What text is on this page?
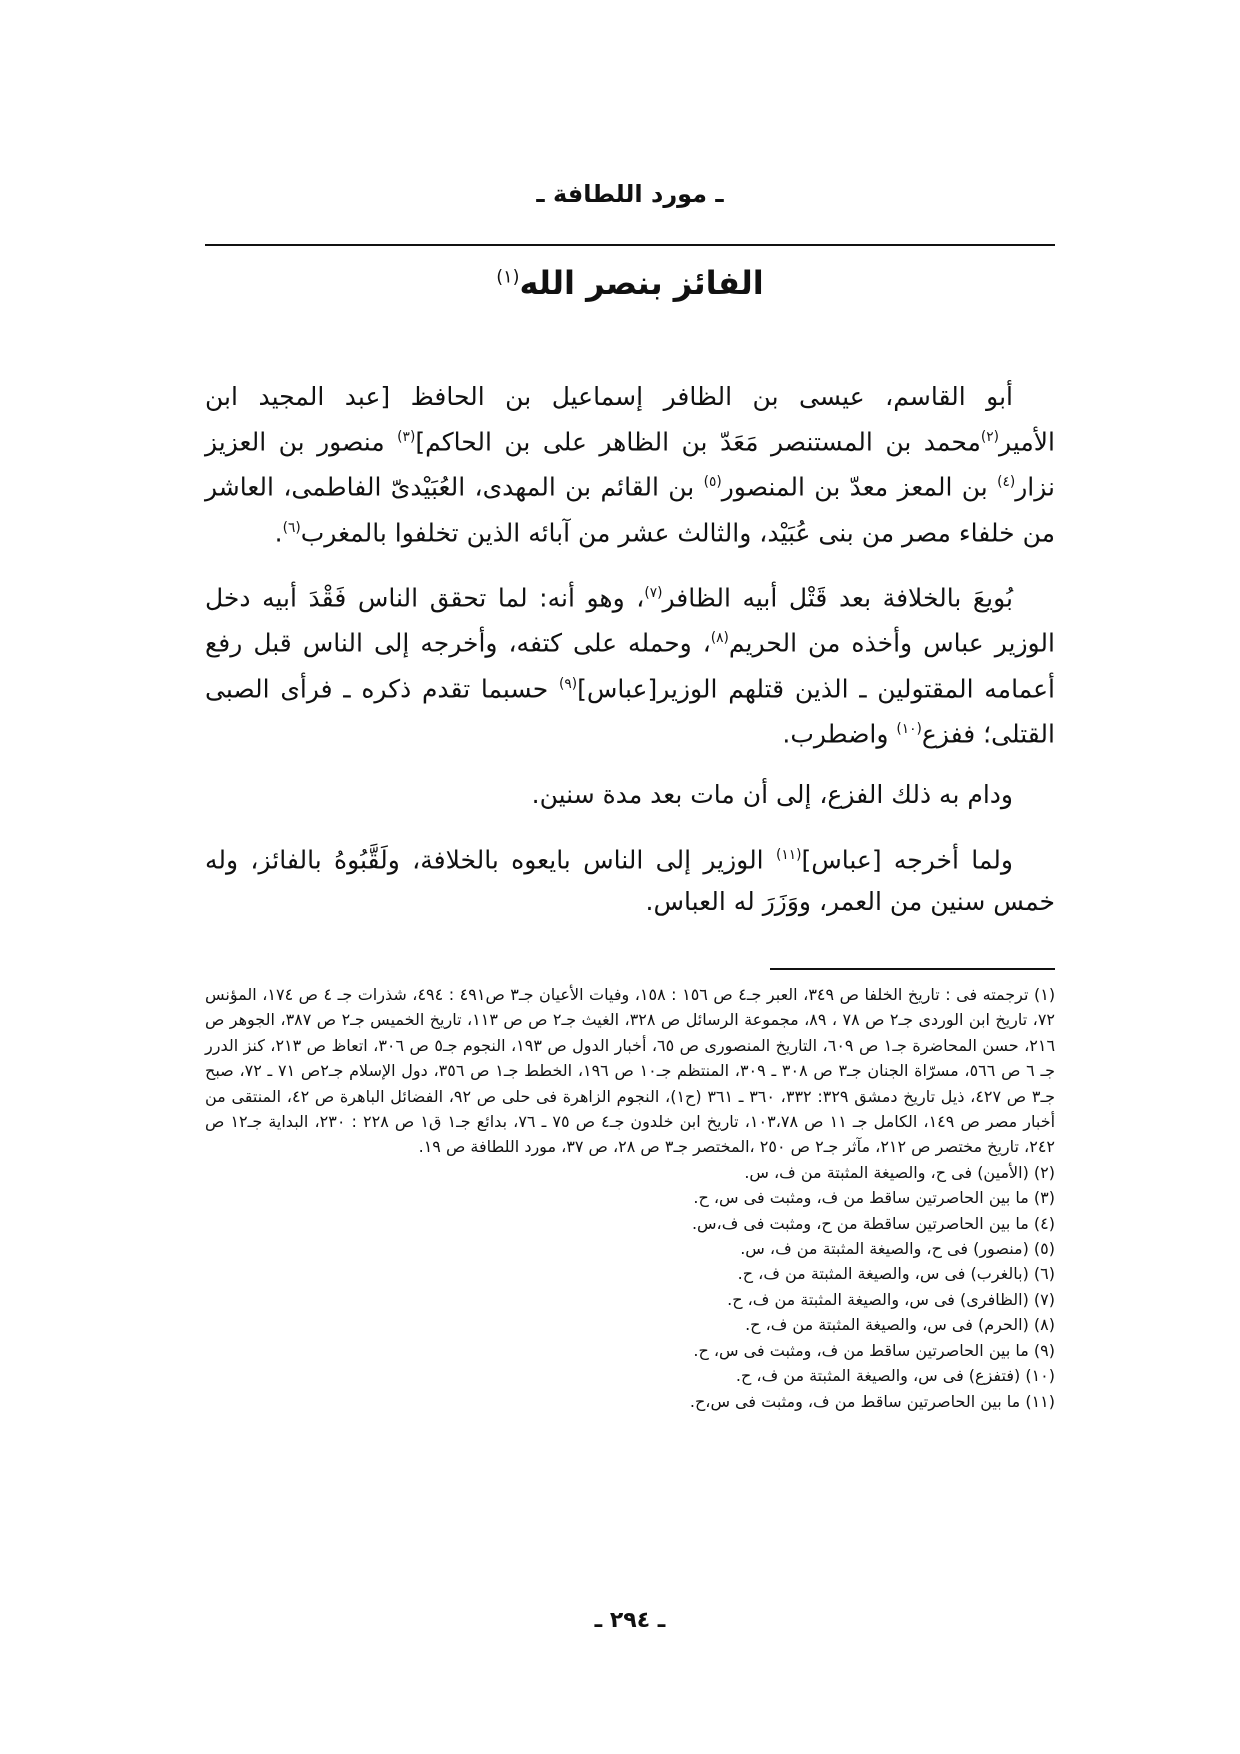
ـ مورد اللطافة ـ
الفائز بنصر الله$^{(١)}$

أبو القاسم، عيسى بن الظافر إسماعيل بن الحافظ [عبد المجيد ابن الأمير$^{(٢)}$محمد بن المستنصر مَعَدّ بن الظاهر على بن الحاكم]$^{(٣)}$ منصور بن العزيز نزار$^{(٤)}$ بن المعز معدّ بن المنصور$^{(٥)}$ بن القائم بن المهدى، العُبَيْدىّ الفاطمى، العاشر من خلفاء مصر من بنى عُبَيْد، والثالث عشر من آبائه الذين تخلفوا بالمغرب$^{(٦)}$.

بُويعَ بالخلافة بعد قَتْل أبيه الظافر$^{(٧)}$، وهو أنه: لما تحقق الناس فَقْدَ أبيه دخل الوزير عباس وأخذه من الحريم$^{(٨)}$، وحمله على كتفه، وأخرجه إلى الناس قبل رفع أعمامه المقتولين ـ الذين قتلهم الوزير[عباس]$^{(٩)}$ حسبما تقدم ذكره ـ فرأى الصبى القتلى؛ ففزع$^{(١٠)}$ واضطرب.

ودام به ذلك الفزع، إلى أن مات بعد مدة سنين.

ولما أخرجه [عباس]$^{(١١)}$ الوزير إلى الناس بايعوه بالخلافة، ولَقَّبُوهُ بالفائز، وله خمس سنين من العمر، ووَزَرَ له العباس.

(١) ترجمته فى : تاريخ الخلفا ص ٣٤٩، العبر جـ٤ ص ١٥٦ : ١٥٨، وفيات الأعيان جـ٣ ص٤٩١ : ٤٩٤، شذرات جـ ٤ ص ١٧٤، المؤنس ٧٢، تاريخ ابن الوردى جـ٢ ص ٧٨ ، ٨٩، مجموعة الرسائل ص ٣٢٨، الغيث جـ٢ ص ص ١١٣، تاريخ الخميس جـ٢ ص ٣٨٧، الجوهر ص ٢١٦، حسن المحاضرة جـ١ ص ٦٠٩، التاريخ المنصورى ص ٦٥، أخبار الدول ص ١٩٣، النجوم جـ٥ ص ٣٠٦، اتعاظ ص ٢١٣، كنز الدرر جـ ٦ ص ٥٦٦، مسرّاة الجنان جـ٣ ص ٣٠٨ ـ ٣٠٩، المنتظم جـ١٠ ص ١٩٦، الخطط جـ١ ص ٣٥٦، دول الإسلام جـ٢ص ٧١ ـ ٧٢، صبح جـ٣ ص ٤٢٧، ذيل تاريخ دمشق ٣٢٩: ٣٣٢، ٣٦٠ ـ ٣٦١ (ح١)، النجوم الزاهرة فى حلى ص ٩٢، الفضائل الباهرة ص ٤٢، المنتقى من أخبار مصر ص ١٤٩، الكامل جـ ١١ ص ١٠٣،٧٨، تاريخ ابن خلدون جـ٤ ص ٧٥ ـ ٧٦، بدائع جـ١ ق١ ص ٢٢٨ : ٢٣٠، البداية جـ١٢ ص ٢٤٢، تاريخ مختصر ص ٢١٢، مآثر جـ٢ ص ٢٥٠ ،المختصر جـ٣ ص ٢٨، ص ٣٧، مورد اللطافة ص ١٩.

(٢) (الأمين) فى ح، والصيغة المثبتة من ف، س.

(٣) ما بين الحاصرتين ساقط من ف، ومثبت فى س، ح.

(٤) ما بين الحاصرتين ساقطة من ح، ومثبت فى ف،س.

(٥) (منصور) فى ح، والصيغة المثبتة من ف، س.

(٦) (بالغرب) فى س، والصيغة المثبتة من ف، ح.

(٧) (الظافرى) فى س، والصيغة المثبتة من ف، ح.

(٨) (الحرم) فى س، والصيغة المثبتة من ف، ح.

(٩) ما بين الحاصرتين ساقط من ف، ومثبت فى س، ح.

(١٠) (فتفزع) فى س، والصيغة المثبتة من ف، ح.

(١١) ما بين الحاصرتين ساقط من ف، ومثبت فى س،ح.

ـ ٢٩٤ ـ
